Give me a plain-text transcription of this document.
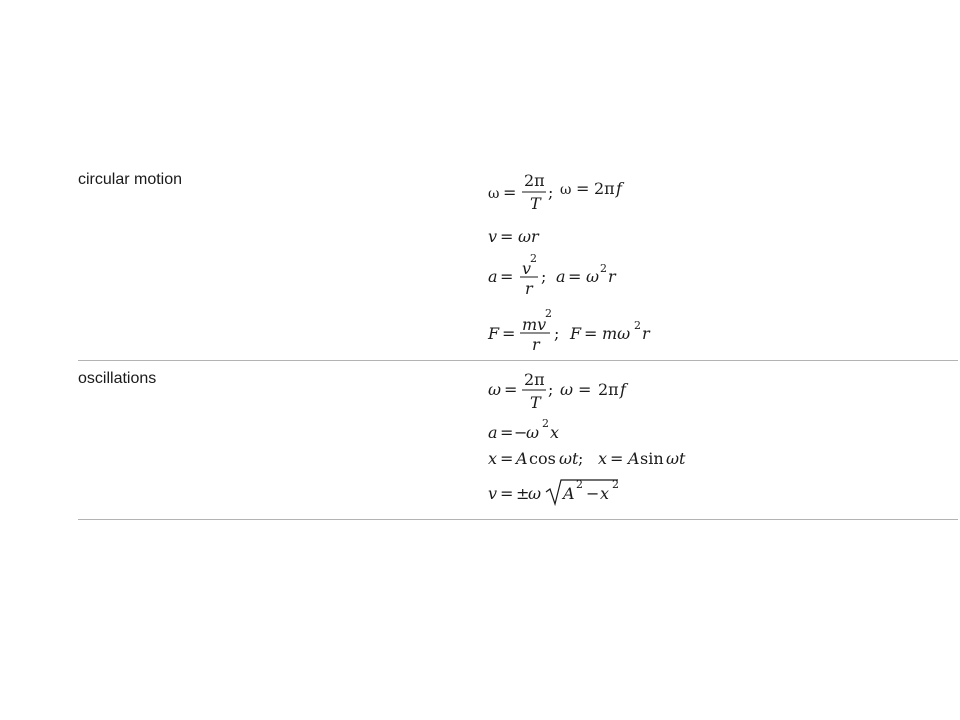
circular motion
ω =
2π
T
; ω = 2π f
v = ωr
a = v
2
r
; a = ω 2 r
F = mv
2
r
; F = mω 2 r
oscillations
ω =
2π
T
; ω = 2π f
a = −
ω 2 x
x = A cos ωt ; x = A sin ωt
v = ±
ω A 2 − x 2
